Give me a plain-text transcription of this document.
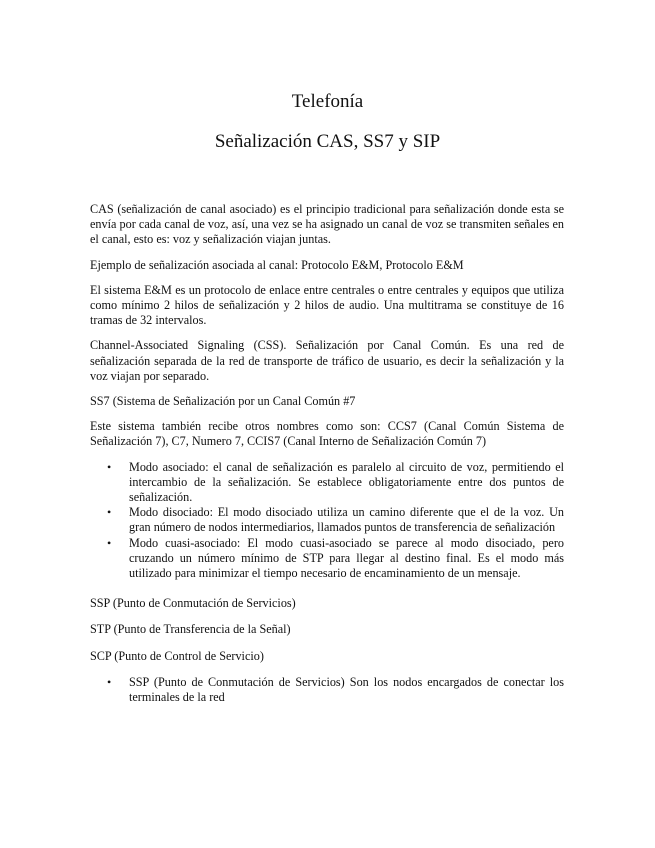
Telefonía
Señalización CAS, SS7 y SIP

CAS (señalización de canal asociado) es el principio tradicional para señalización donde esta se envía por cada canal de voz, así, una vez se ha asignado un canal de voz se transmiten señales en el canal, esto es: voz y señalización viajan juntas.

Ejemplo de señalización asociada al canal: Protocolo E&M, Protocolo E&M

El sistema E&M es un protocolo de enlace entre centrales o entre centrales y equipos que utiliza como mínimo 2 hilos de señalización y 2 hilos de audio. Una multitrama se constituye de 16 tramas de 32 intervalos.

Channel-Associated Signaling (CSS). Señalización por Canal Común. Es una red de señalización separada de la red de transporte de tráfico de usuario, es decir la señalización y la voz viajan por separado.

SS7 (Sistema de Señalización por un Canal Común #7

Este sistema también recibe otros nombres como son: CCS7 (Canal Común Sistema de Señalización 7), C7, Numero 7, CCIS7 (Canal Interno de Señalización Común 7)

• Modo asociado: el canal de señalización es paralelo al circuito de voz, permitiendo el intercambio de la señalización. Se establece obligatoriamente entre dos puntos de señalización.
• Modo disociado: El modo disociado utiliza un camino diferente que el de la voz. Un gran número de nodos intermediarios, llamados puntos de transferencia de señalización
• Modo cuasi-asociado: El modo cuasi-asociado se parece al modo disociado, pero cruzando un número mínimo de STP para llegar al destino final. Es el modo más utilizado para minimizar el tiempo necesario de encaminamiento de un mensaje.

SSP (Punto de Conmutación de Servicios)

STP (Punto de Transferencia de la Señal)

SCP (Punto de Control de Servicio)

• SSP (Punto de Conmutación de Servicios) Son los nodos encargados de conectar los terminales de la red
